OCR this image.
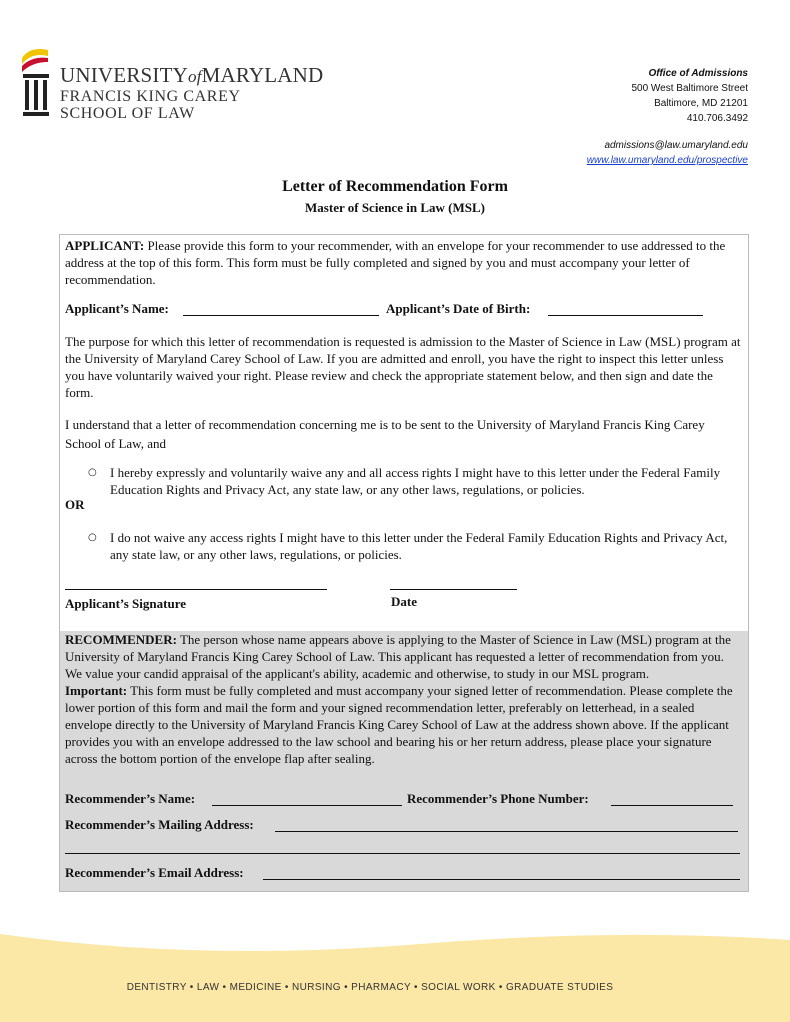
UNIVERSITYofMARYLAND
FRANCIS KING CAREY
SCHOOL OF LAW
Office of Admissions
500 West Baltimore Street
Baltimore, MD 21201
410.706.3492
admissions@law.umaryland.edu
www.law.umaryland.edu/prospective
Letter of Recommendation Form
Master of Science in Law (MSL)
APPLICANT: Please provide this form to your recommender, with an envelope for your recommender to use addressed to the address at the top of this form. This form must be fully completed and signed by you and must accompany your letter of recommendation.
Applicant’s Name:	Applicant’s Date of Birth:
The purpose for which this letter of recommendation is requested is admission to the Master of Science in Law (MSL) program at the University of Maryland Carey School of Law. If you are admitted and enroll, you have the right to inspect this letter unless you have voluntarily waived your right. Please review and check the appropriate statement below, and then sign and date the form.
I understand that a letter of recommendation concerning me is to be sent to the University of Maryland Francis King Carey School of Law, and
○ I hereby expressly and voluntarily waive any and all access rights I might have to this letter under the Federal Family Education Rights and Privacy Act, any state law, or any other laws, regulations, or policies.
OR
○ I do not waive any access rights I might have to this letter under the Federal Family Education Rights and Privacy Act, any state law, or any other laws, regulations, or policies.
Applicant’s Signature	Date
RECOMMENDER: The person whose name appears above is applying to the Master of Science in Law (MSL) program at the University of Maryland Francis King Carey School of Law. This applicant has requested a letter of recommendation from you. We value your candid appraisal of the applicant's ability, academic and otherwise, to study in our MSL program.
Important: This form must be fully completed and must accompany your signed letter of recommendation. Please complete the lower portion of this form and mail the form and your signed recommendation letter, preferably on letterhead, in a sealed envelope directly to the University of Maryland Francis King Carey School of Law at the address shown above. If the applicant provides you with an envelope addressed to the law school and bearing his or her return address, please place your signature across the bottom portion of the envelope flap after sealing.
Recommender’s Name:	Recommender’s Phone Number:
Recommender’s Mailing Address:
Recommender’s Email Address:
DENTISTRY • LAW • MEDICINE • NURSING • PHARMACY • SOCIAL WORK • GRADUATE STUDIES
